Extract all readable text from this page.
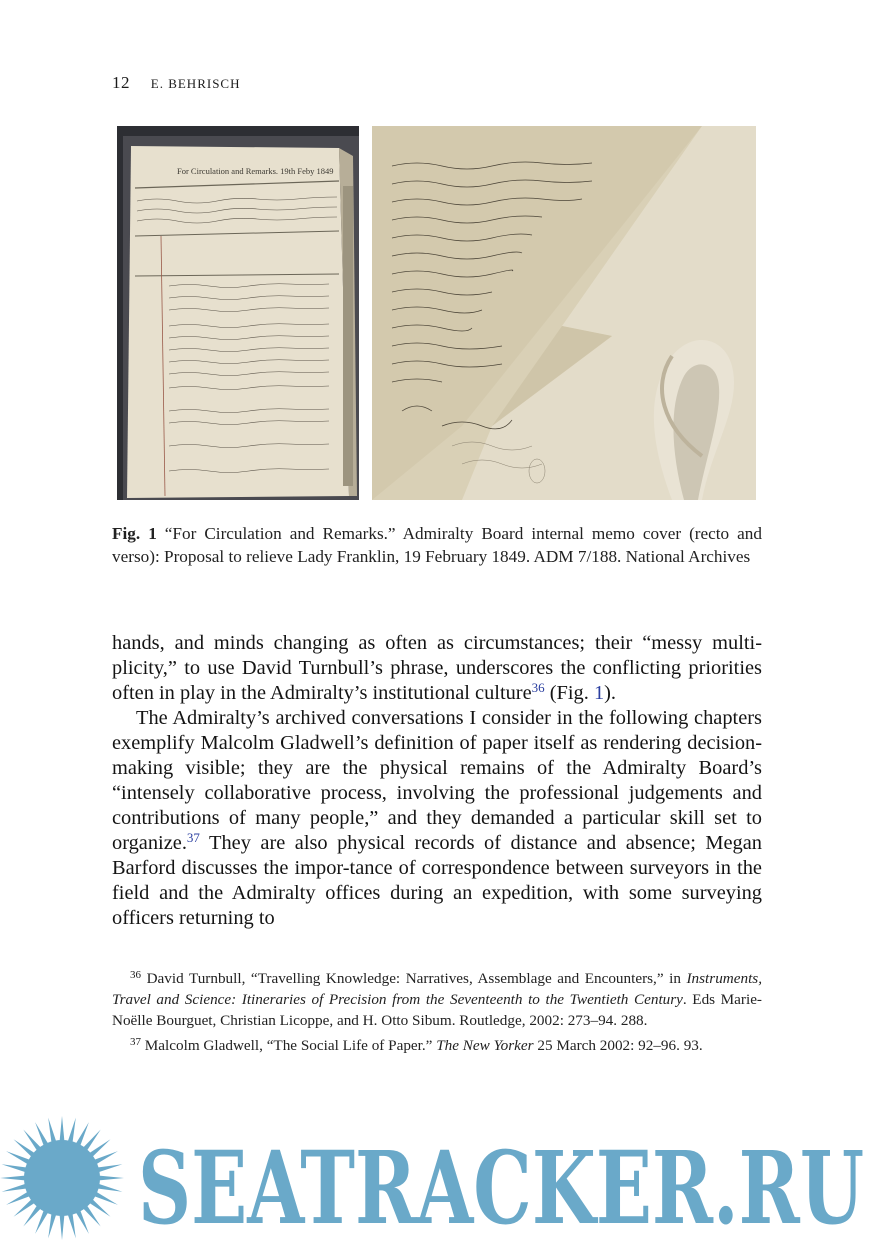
12 E. BEHRISCH
For Circulation and Remarks. 19th Feby 1849
Fig. 1 “For Circulation and Remarks.” Admiralty Board internal memo cover (recto and verso): Proposal to relieve Lady Franklin, 19 February 1849. ADM 7/188. National Archives

hands, and minds changing as often as circumstances; their “messy multi-plicity,” to use David Turnbull’s phrase, underscores the conflicting priorities often in play in the Admiralty’s institutional culture$^{36}$ (Fig. 1).

The Admiralty’s archived conversations I consider in the following chapters exemplify Malcolm Gladwell’s definition of paper itself as rendering decision-making visible; they are the physical remains of the Admiralty Board’s “intensely collaborative process, involving the professional judgements and contributions of many people,” and they demanded a particular skill set to organize.$^{37}$ They are also physical records of distance and absence; Megan Barford discusses the impor-tance of correspondence between surveyors in the field and the Admiralty offices during an expedition, with some surveying officers returning to

$^{36}$ David Turnbull, “Travelling Knowledge: Narratives, Assemblage and Encounters,” in Instruments, Travel and Science: Itineraries of Precision from the Seventeenth to the Twentieth Century. Eds Marie-Noëlle Bourguet, Christian Licoppe, and H. Otto Sibum. Routledge, 2002: 273–94. 288.

$^{37}$ Malcolm Gladwell, “The Social Life of Paper.” The New Yorker 25 March 2002: 92–96. 93.

SEATRACKER.RU
